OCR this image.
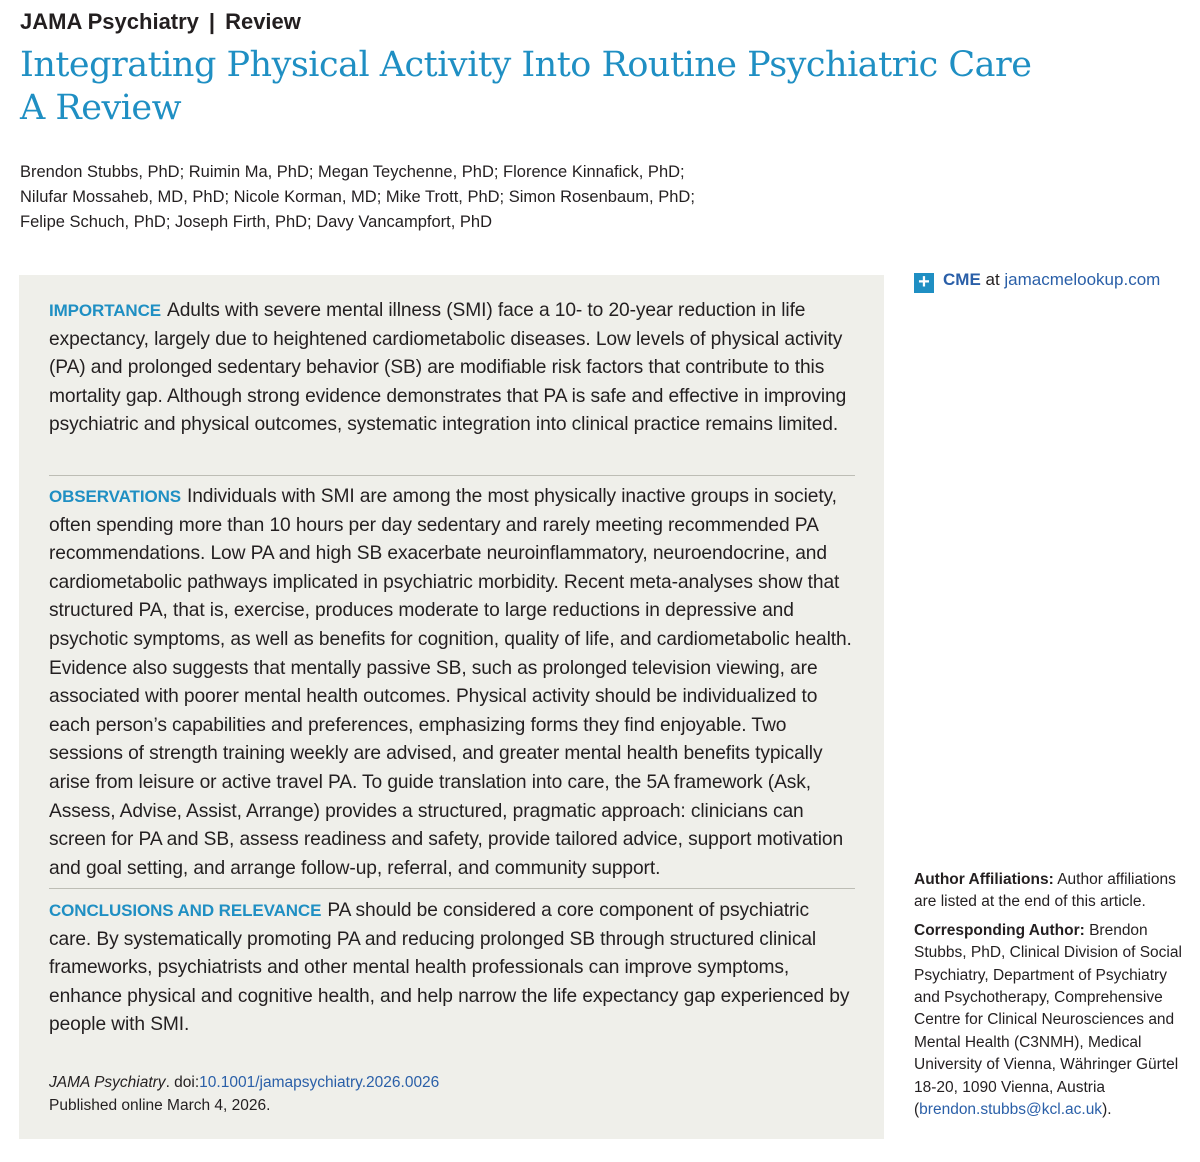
JAMA Psychiatry | Review
Integrating Physical Activity Into Routine Psychiatric Care
A Review
Brendon Stubbs, PhD; Ruimin Ma, PhD; Megan Teychenne, PhD; Florence Kinnafick, PhD;
Nilufar Mossaheb, MD, PhD; Nicole Korman, MD; Mike Trott, PhD; Simon Rosenbaum, PhD;
Felipe Schuch, PhD; Joseph Firth, PhD; Davy Vancampfort, PhD
IMPORTANCE Adults with severe mental illness (SMI) face a 10- to 20-year reduction in life expectancy, largely due to heightened cardiometabolic diseases. Low levels of physical activity (PA) and prolonged sedentary behavior (SB) are modifiable risk factors that contribute to this mortality gap. Although strong evidence demonstrates that PA is safe and effective in improving psychiatric and physical outcomes, systematic integration into clinical practice remains limited.
OBSERVATIONS Individuals with SMI are among the most physically inactive groups in society, often spending more than 10 hours per day sedentary and rarely meeting recommended PA recommendations. Low PA and high SB exacerbate neuroinflammatory, neuroendocrine, and cardiometabolic pathways implicated in psychiatric morbidity. Recent meta-analyses show that structured PA, that is, exercise, produces moderate to large reductions in depressive and psychotic symptoms, as well as benefits for cognition, quality of life, and cardiometabolic health. Evidence also suggests that mentally passive SB, such as prolonged television viewing, are associated with poorer mental health outcomes. Physical activity should be individualized to each person’s capabilities and preferences, emphasizing forms they find enjoyable. Two sessions of strength training weekly are advised, and greater mental health benefits typically arise from leisure or active travel PA. To guide translation into care, the 5A framework (Ask, Assess, Advise, Assist, Arrange) provides a structured, pragmatic approach: clinicians can screen for PA and SB, assess readiness and safety, provide tailored advice, support motivation and goal setting, and arrange follow-up, referral, and community support.
CONCLUSIONS AND RELEVANCE PA should be considered a core component of psychiatric care. By systematically promoting PA and reducing prolonged SB through structured clinical frameworks, psychiatrists and other mental health professionals can improve symptoms, enhance physical and cognitive health, and help narrow the life expectancy gap experienced by people with SMI.
JAMA Psychiatry. doi:10.1001/jamapsychiatry.2026.0026
Published online March 4, 2026.
+ CME at jamacmelookup.com

Author Affiliations: Author affiliations are listed at the end of this article.

Corresponding Author: Brendon Stubbs, PhD, Clinical Division of Social Psychiatry, Department of Psychiatry and Psychotherapy, Comprehensive Centre for Clinical Neurosciences and Mental Health (C3NMH), Medical University of Vienna, Währinger Gürtel 18-20, 1090 Vienna, Austria (brendon.stubbs@kcl.ac.uk).
